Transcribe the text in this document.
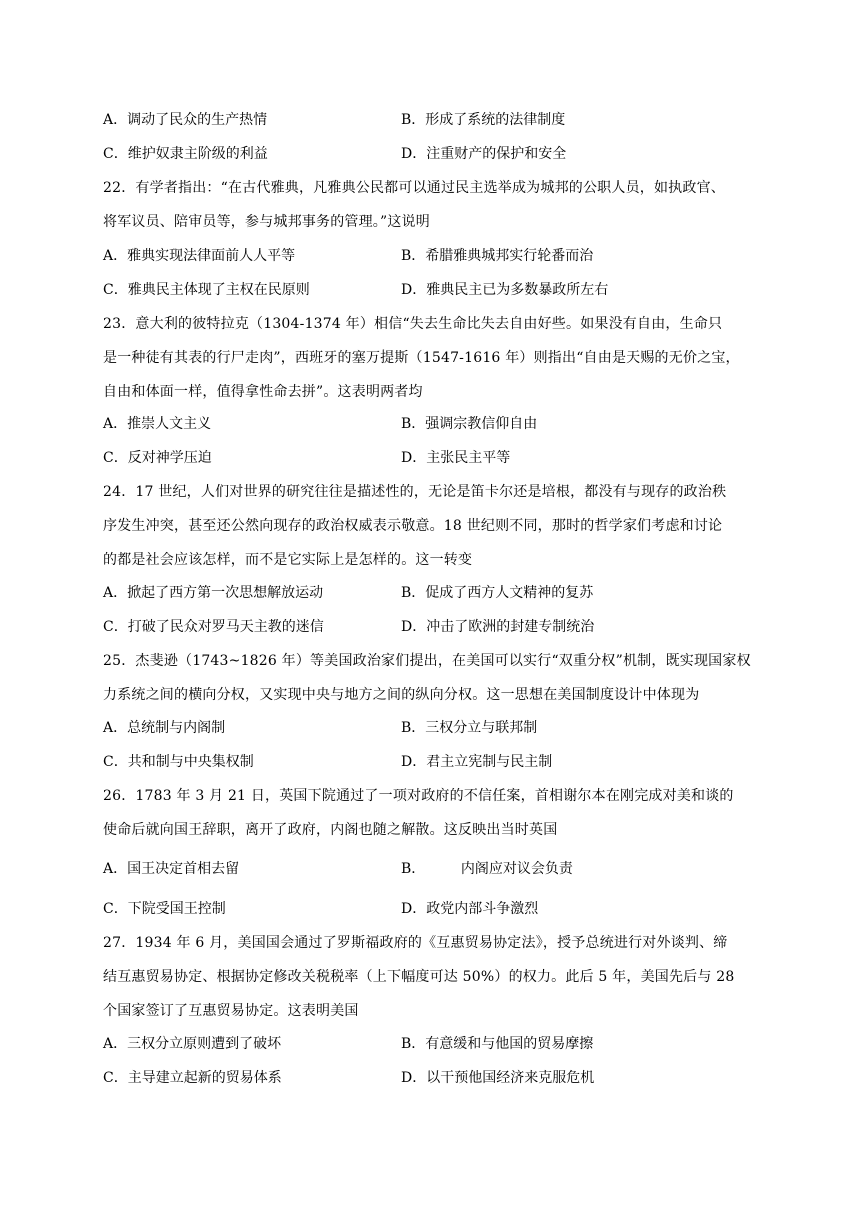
A．调动了民众的生产热情	B．形成了系统的法律制度
C．维护奴隶主阶级的利益	D．注重财产的保护和安全
22．有学者指出：“在古代雅典，凡雅典公民都可以通过民主选举成为城邦的公职人员，如执政官、
将军议员、陪审员等，参与城邦事务的管理。”这说明
A．雅典实现法律面前人人平等	B．希腊雅典城邦实行轮番而治
C．雅典民主体现了主权在民原则	D．雅典民主已为多数暴政所左右
23．意大利的彼特拉克（1304-1374 年）相信“失去生命比失去自由好些。如果没有自由，生命只
是一种徒有其表的行尸走肉”，西班牙的塞万提斯（1547-1616 年）则指出“自由是天赐的无价之宝，
自由和体面一样，值得拿性命去拼”。这表明两者均
A．推崇人文主义	B．强调宗教信仰自由
C．反对神学压迫	D．主张民主平等
24．17 世纪，人们对世界的研究往往是描述性的，无论是笛卡尔还是培根，都没有与现存的政治秩
序发生冲突，甚至还公然向现存的政治权威表示敬意。18 世纪则不同，那时的哲学家们考虑和讨论
的都是社会应该怎样，而不是它实际上是怎样的。这一转变
A．掀起了西方第一次思想解放运动	B．促成了西方人文精神的复苏
C．打破了民众对罗马天主教的迷信	D．冲击了欧洲的封建专制统治
25．杰斐逊（1743~1826 年）等美国政治家们提出，在美国可以实行“双重分权”机制，既实现国家权
力系统之间的横向分权，又实现中央与地方之间的纵向分权。这一思想在美国制度设计中体现为
A．总统制与内阁制	B．三权分立与联邦制
C．共和制与中央集权制	D．君主立宪制与民主制
26．1783 年 3 月 21 日，英国下院通过了一项对政府的不信任案，首相谢尔本在刚完成对美和谈的
使命后就向国王辞职，离开了政府，内阁也随之解散。这反映出当时英国
A．国王决定首相去留	B．        内阁应对议会负责
C．下院受国王控制	D．政党内部斗争激烈
27．1934 年 6 月，美国国会通过了罗斯福政府的《互惠贸易协定法》，授予总统进行对外谈判、缔
结互惠贸易协定、根据协定修改关税税率（上下幅度可达 50%）的权力。此后 5 年，美国先后与 28
个国家签订了互惠贸易协定。这表明美国
A．三权分立原则遭到了破坏	B．有意缓和与他国的贸易摩擦
C．主导建立起新的贸易体系	D．以干预他国经济来克服危机
